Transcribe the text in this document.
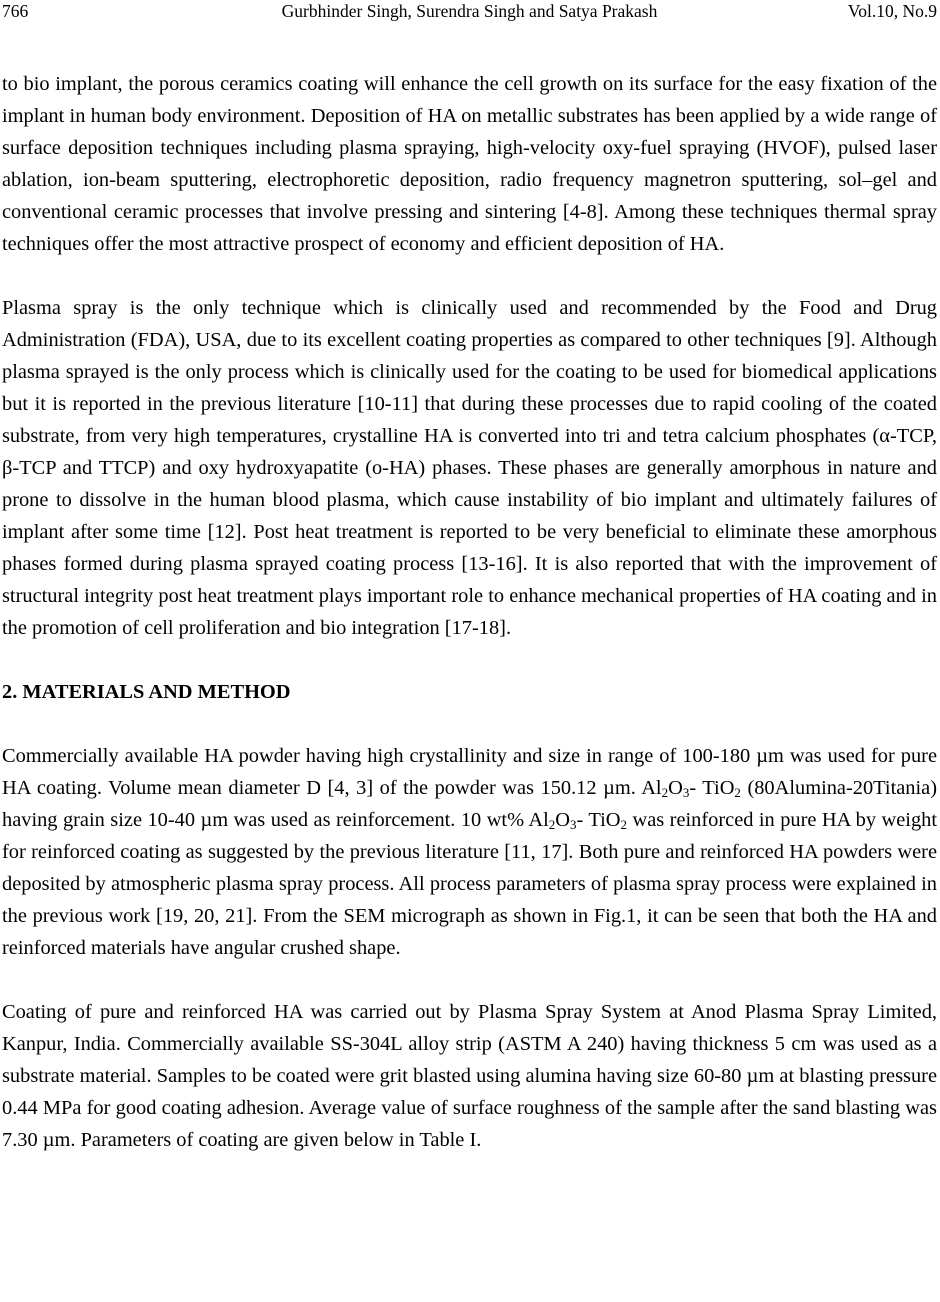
766	Gurbhinder Singh, Surendra Singh and Satya Prakash	Vol.10, No.9

to bio implant, the porous ceramics coating will enhance the cell growth on its surface for the easy fixation of the implant in human body environment. Deposition of HA on metallic substrates has been applied by a wide range of surface deposition techniques including plasma spraying, high-velocity oxy-fuel spraying (HVOF), pulsed laser ablation, ion-beam sputtering, electrophoretic deposition, radio frequency magnetron sputtering, sol–gel and conventional ceramic processes that involve pressing and sintering [4-8]. Among these techniques thermal spray techniques offer the most attractive prospect of economy and efficient deposition of HA.

Plasma spray is the only technique which is clinically used and recommended by the Food and Drug Administration (FDA), USA, due to its excellent coating properties as compared to other techniques [9]. Although plasma sprayed is the only process which is clinically used for the coating to be used for biomedical applications but it is reported in the previous literature [10-11] that during these processes due to rapid cooling of the coated substrate, from very high temperatures, crystalline HA is converted into tri and tetra calcium phosphates (α-TCP, β-TCP and TTCP) and oxy hydroxyapatite (o-HA) phases. These phases are generally amorphous in nature and prone to dissolve in the human blood plasma, which cause instability of bio implant and ultimately failures of implant after some time [12]. Post heat treatment is reported to be very beneficial to eliminate these amorphous phases formed during plasma sprayed coating process [13-16]. It is also reported that with the improvement of structural integrity post heat treatment plays important role to enhance mechanical properties of HA coating and in the promotion of cell proliferation and bio integration [17-18].

2. MATERIALS AND METHOD

Commercially available HA powder having high crystallinity and size in range of 100-180 µm was used for pure HA coating. Volume mean diameter D [4, 3] of the powder was 150.12 µm. $Al_2O_3-$ TiO$_2$ (80Alumina-20Titania) having grain size 10-40 µm was used as reinforcement. 10 wt% $Al_2O_3-$ TiO$_2$ was reinforced in pure HA by weight for reinforced coating as suggested by the previous literature [11, 17]. Both pure and reinforced HA powders were deposited by atmospheric plasma spray process. All process parameters of plasma spray process were explained in the previous work [19, 20, 21]. From the SEM micrograph as shown in Fig.1, it can be seen that both the HA and reinforced materials have angular crushed shape.

Coating of pure and reinforced HA was carried out by Plasma Spray System at Anod Plasma Spray Limited, Kanpur, India. Commercially available SS-304L alloy strip (ASTM A 240) having thickness 5 cm was used as a substrate material. Samples to be coated were grit blasted using alumina having size 60-80 µm at blasting pressure 0.44 MPa for good coating adhesion. Average value of surface roughness of the sample after the sand blasting was 7.30 µm. Parameters of coating are given below in Table I.
